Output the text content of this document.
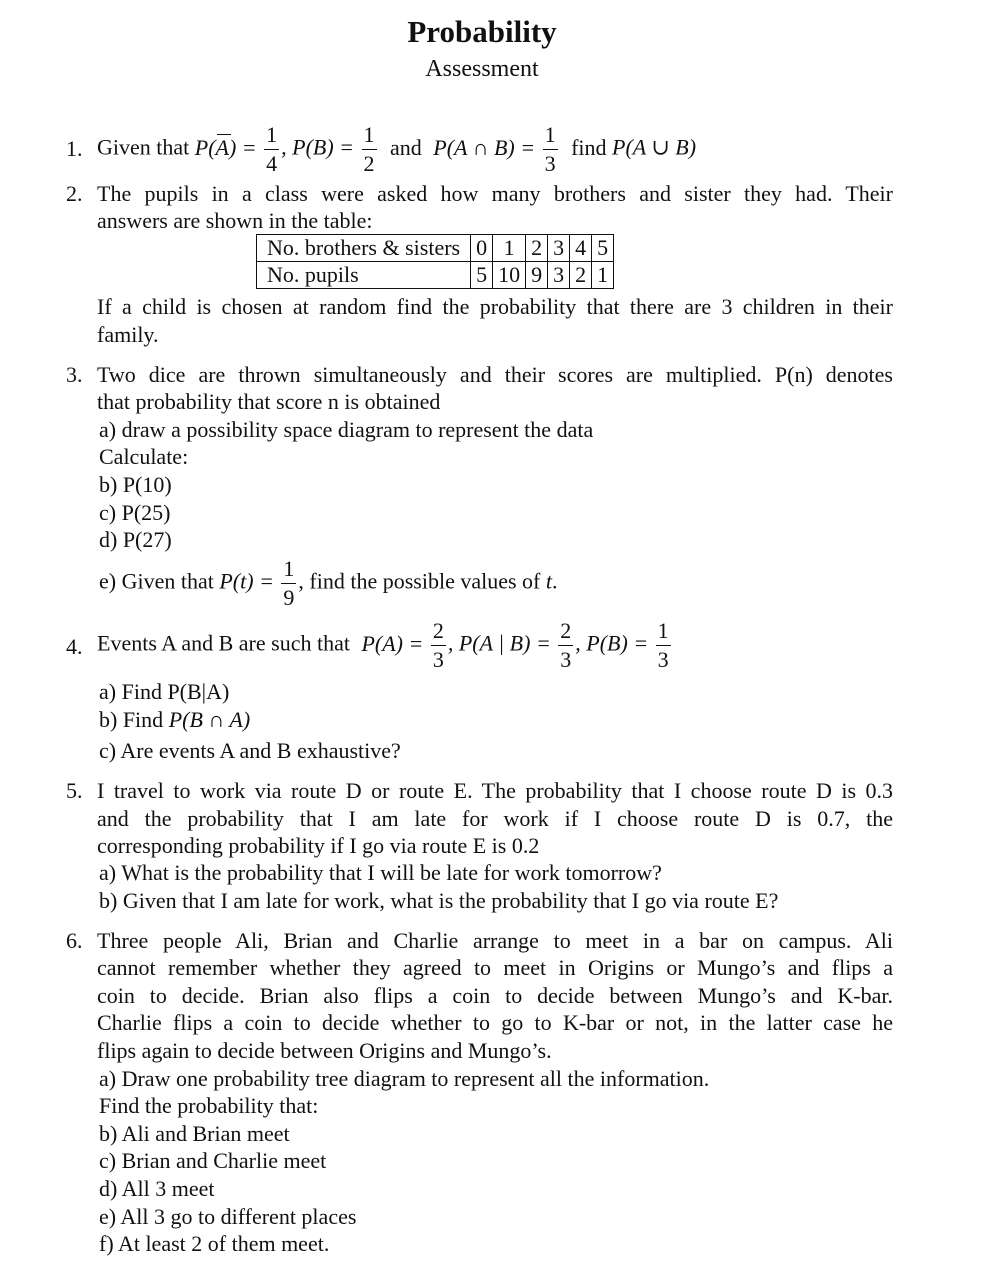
Probability
Assessment
1. Given that P(A) =
$\frac{1}{4}$ , $P(B) = \frac{1}{2}$ and P(A ∩ $B) = \frac{1}{3}$ find P(A ∪ B)
2. The pupils in a class were asked how many brothers and sister they had. Their
answers are shown in the table:
No. brothers & sisters	0	1	2	3	4	5
No. pupils	5	10	9	3	2	1
If a child is chosen at random find the probability that there are 3 children in their
family.
3. Two dice are thrown simultaneously and their scores are multiplied. P(n) denotes
that probability that score n is obtained
a) draw a possibility space diagram to represent the data
Calculate:
b) P(10)
c) P(25)
d) P(27)
e) Given that $P(t) = \frac{1}{9}$ , find the possible values of t.
4. Events A and B are such that $P(A) = \frac{2}{3}$ , P(A | $B) = \frac{2}{3}$ , $P(B) = \frac{1}{3}$
a) Find P(B|A)
b) Find P(B ∩ A)
c) Are events A and B exhaustive?
5. I travel to work via route D or route E. The probability that I choose route D is 0.3
and the probability that I am late for work if I choose route D is 0.7, the
corresponding probability if I go via route E is 0.2
a) What is the probability that I will be late for work tomorrow?
b) Given that I am late for work, what is the probability that I go via route E?
6. Three people Ali, Brian and Charlie arrange to meet in a bar on campus. Ali
cannot remember whether they agreed to meet in Origins or Mungo’s and flips a
coin to decide. Brian also flips a coin to decide between Mungo’s and K-bar.
Charlie flips a coin to decide whether to go to K-bar or not, in the latter case he
flips again to decide between Origins and Mungo’s.
a) Draw one probability tree diagram to represent all the information.
Find the probability that:
b) Ali and Brian meet
c) Brian and Charlie meet
d) All 3 meet
e) All 3 go to different places
f) At least 2 of them meet.
